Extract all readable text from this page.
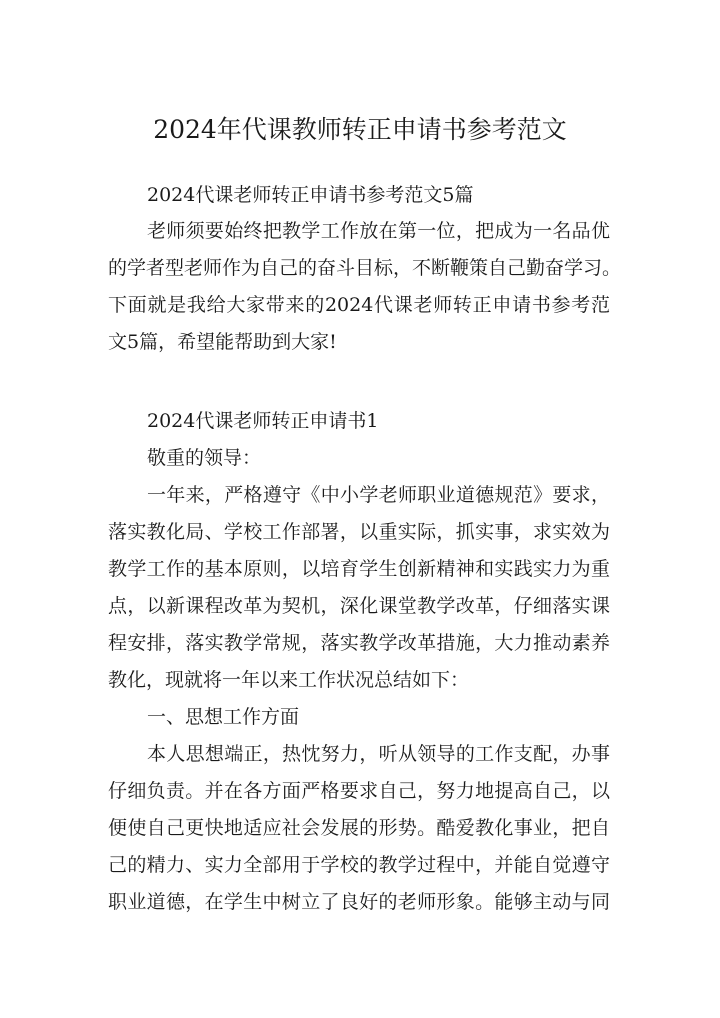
2024年代课教师转正申请书参考范文
2024代课老师转正申请书参考范文5篇
老师须要始终把教学工作放在第一位，把成为一名品优
的学者型老师作为自己的奋斗目标，不断鞭策自己勤奋学习。
下面就是我给大家带来的2024代课老师转正申请书参考范
文5篇，希望能帮助到大家!
2024代课老师转正申请书1
敬重的领导：
一年来，严格遵守《中小学老师职业道德规范》要求，
落实教化局、学校工作部署，以重实际，抓实事，求实效为
教学工作的基本原则，以培育学生创新精神和实践实力为重
点，以新课程改革为契机，深化课堂教学改革，仔细落实课
程安排，落实教学常规，落实教学改革措施，大力推动素养
教化，现就将一年以来工作状况总结如下：
一、思想工作方面
本人思想端正，热忱努力，听从领导的工作支配，办事
仔细负责。并在各方面严格要求自己，努力地提高自己，以
便使自己更快地适应社会发展的形势。酷爱教化事业，把自
己的精力、实力全部用于学校的教学过程中，并能自觉遵守
职业道德，在学生中树立了良好的老师形象。能够主动与同
